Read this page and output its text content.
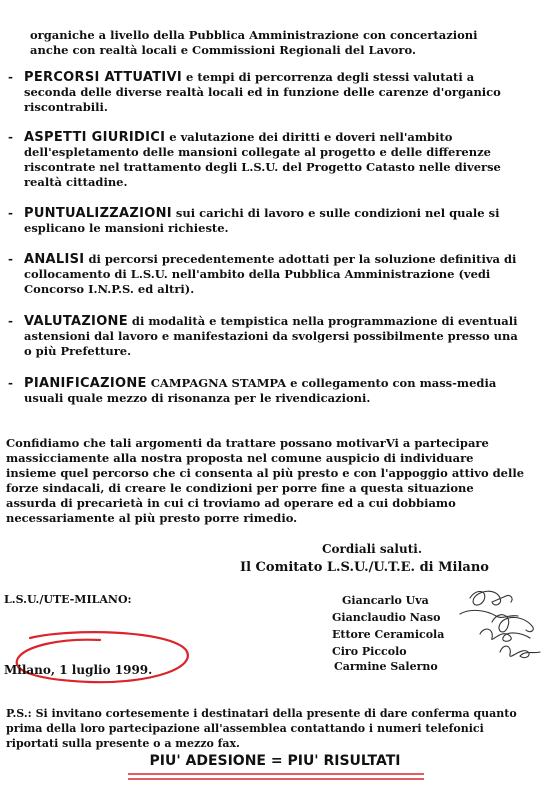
organiche a livello della Pubblica Amministrazione con concertazioni
anche con realtà locali e Commissioni Regionali del Lavoro.
- PERCORSI ATTUATIVI e tempi di percorrenza degli stessi valutati a seconda delle diverse realtà locali ed in funzione delle carenze d'organico riscontrabili.
- ASPETTI GIURIDICI e valutazione dei diritti e doveri nell'ambito dell'espletamento delle mansioni collegate al progetto e delle differenze riscontrate nel trattamento degli L.S.U. del Progetto Catasto nelle diverse realtà cittadine.
- PUNTUALIZZAZIONI sui carichi di lavoro e sulle condizioni nel quale si esplicano le mansioni richieste.
- ANALISI di percorsi precedentemente adottati per la soluzione definitiva di collocamento di L.S.U. nell'ambito della Pubblica Amministrazione (vedi Concorso I.N.P.S. ed altri).
- VALUTAZIONE di modalità e tempistica nella programmazione di eventuali astensioni dal lavoro e manifestazioni da svolgersi possibilmente presso una o più Prefetture.
- PIANIFICAZIONE CAMPAGNA STAMPA e collegamento con mass-media usuali quale mezzo di risonanza per le rivendicazioni.
Confidiamo che tali argomenti da trattare possano motivarVi a partecipare massicciamente alla nostra proposta nel comune auspicio di individuare insieme quel percorso che ci consenta al più presto e con l'appoggio attivo delle forze sindacali, di creare le condizioni per porre fine a questa situazione assurda di precarietà in cui ci troviamo ad operare ed a cui dobbiamo necessariamente al più presto porre rimedio.
Cordiali saluti.
Il Comitato L.S.U./U.T.E. di Milano
L.S.U./UTE-MILANO:	Giancarlo Uva
Gianclaudio Naso
Ettore Ceramicola
Ciro Piccolo
Carmine Salerno
Milano, 1 luglio 1999.
P.S.: Si invitano cortesemente i destinatari della presente di dare conferma quanto prima della loro partecipazione all'assemblea contattando i numeri telefonici riportati sulla presente o a mezzo fax.
PIU' ADESIONE = PIU' RISULTATI
